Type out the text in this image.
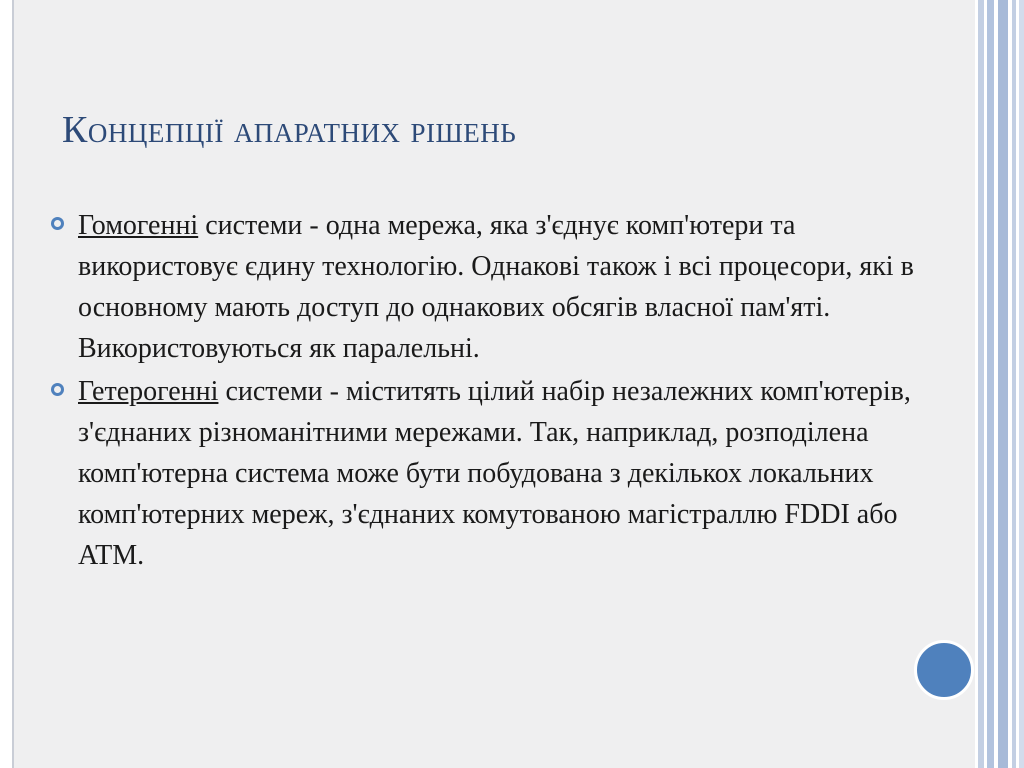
Концепції апаратних рішень

Гомогенні системи - одна мережа, яка з'єднує комп'ютери та використовує єдину технологію. Однакові також і всі процесори, які в основному мають доступ до однакових обсягів власної пам'яті. Використовуються як паралельні.

Гетерогенні системи - міститять цілий набір незалежних комп'ютерів, з'єднаних різноманітними мережами. Так, наприклад, розподілена комп'ютерна система може бути побудована з декількох локальних комп'ютерних мереж, з'єднаних комутованою магістраллю FDDI або ATM.
